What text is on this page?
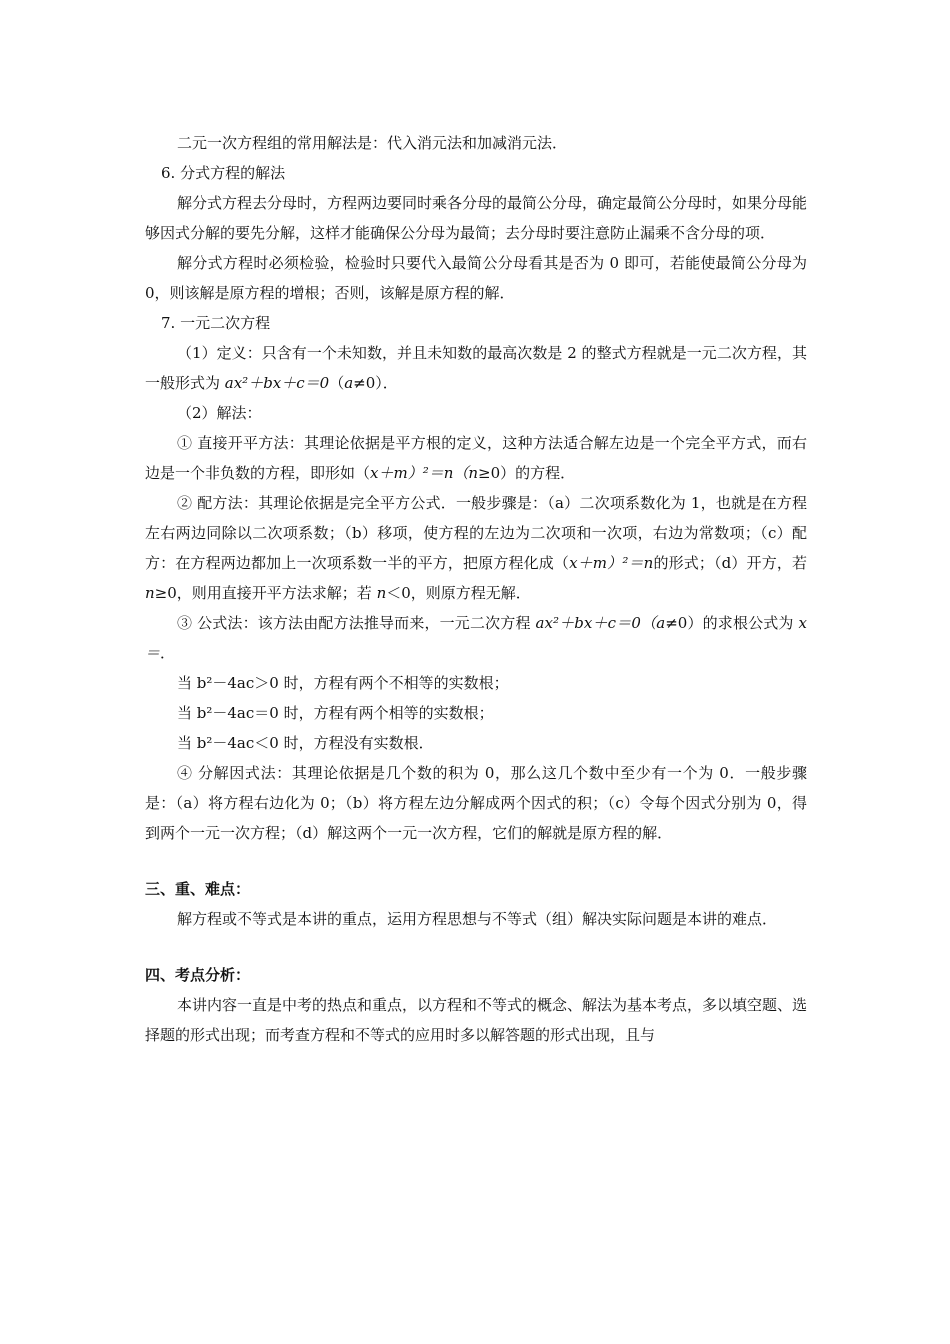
二元一次方程组的常用解法是：代入消元法和加减消元法．

6. 分式方程的解法

解分式方程去分母时，方程两边要同时乘各分母的最简公分母，确定最简公分母时，如果分母能够因式分解的要先分解，这样才能确保公分母为最简；去分母时要注意防止漏乘不含分母的项．

解分式方程时必须检验，检验时只要代入最简公分母看其是否为 0 即可，若能使最简公分母为 0，则该解是原方程的增根；否则，该解是原方程的解．

7. 一元二次方程

（1）定义：只含有一个未知数，并且未知数的最高次数是 2 的整式方程就是一元二次方程，其一般形式为 ax²＋bx＋c＝0（a≠0）．

（2）解法：

① 直接开平方法：其理论依据是平方根的定义，这种方法适合解左边是一个完全平方式，而右边是一个非负数的方程，即形如（x＋m）²＝n（n≥0）的方程．

② 配方法：其理论依据是完全平方公式．一般步骤是：（a）二次项系数化为 1，也就是在方程左右两边同除以二次项系数；（b）移项，使方程的左边为二次项和一次项，右边为常数项；（c）配方：在方程两边都加上一次项系数一半的平方，把原方程化成（x＋m）²＝n的形式；（d）开方，若 n≥0，则用直接开平方法求解；若 n＜0，则原方程无解．

③ 公式法：该方法由配方法推导而来，一元二次方程 ax²＋bx＋c＝0（a≠0）的求根公式为 x＝．

当 b²－4ac＞0 时，方程有两个不相等的实数根；

当 b²－4ac＝0 时，方程有两个相等的实数根；

当 b²－4ac＜0 时，方程没有实数根．

④ 分解因式法：其理论依据是几个数的积为 0，那么这几个数中至少有一个为 0．一般步骤是：（a）将方程右边化为 0；（b）将方程左边分解成两个因式的积；（c）令每个因式分别为 0，得到两个一元一次方程；（d）解这两个一元一次方程，它们的解就是原方程的解．

三、重、难点：

解方程或不等式是本讲的重点，运用方程思想与不等式（组）解决实际问题是本讲的难点．

四、考点分析：

本讲内容一直是中考的热点和重点，以方程和不等式的概念、解法为基本考点，多以填空题、选择题的形式出现；而考查方程和不等式的应用时多以解答题的形式出现，且与
